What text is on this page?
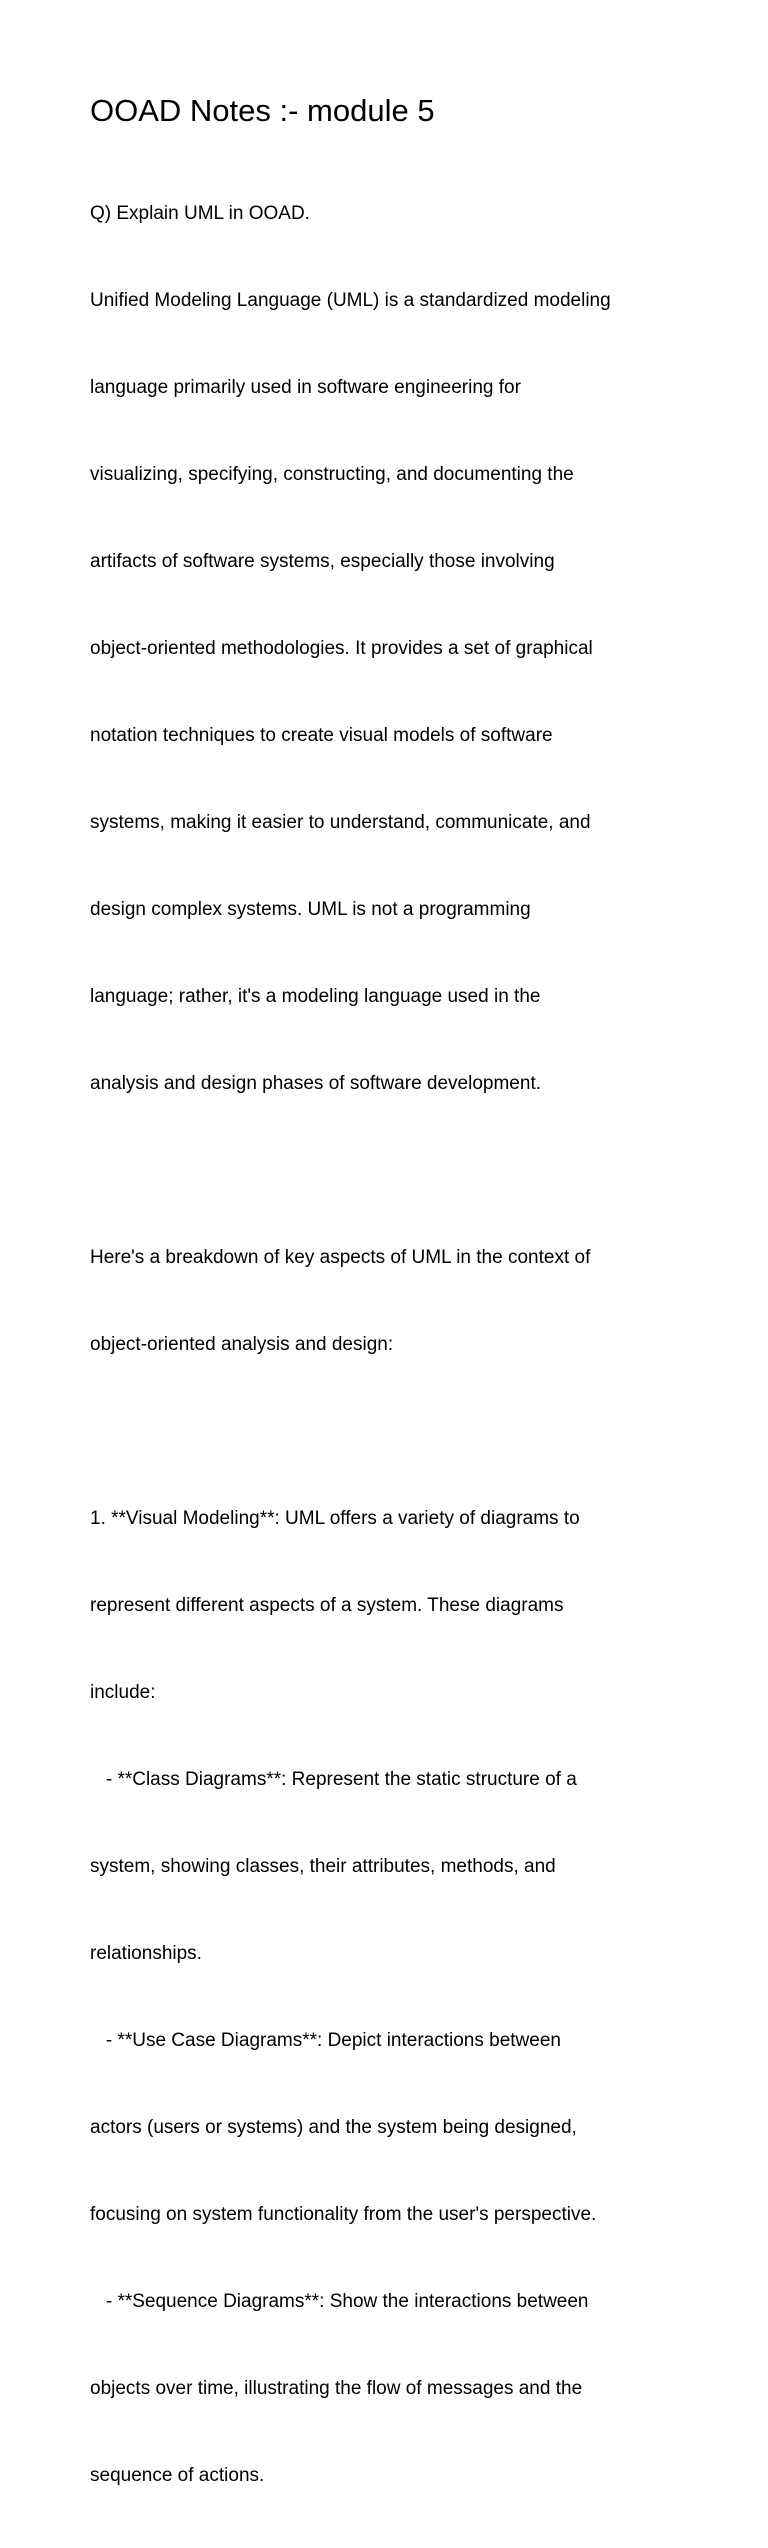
OOAD Notes :- module 5

Q) Explain UML in OOAD.

Unified Modeling Language (UML) is a standardized modeling

language primarily used in software engineering for

visualizing, specifying, constructing, and documenting the

artifacts of software systems, especially those involving

object-oriented methodologies. It provides a set of graphical

notation techniques to create visual models of software

systems, making it easier to understand, communicate, and

design complex systems. UML is not a programming

language; rather, it's a modeling language used in the

analysis and design phases of software development.

Here's a breakdown of key aspects of UML in the context of

object-oriented analysis and design:

1. **Visual Modeling**: UML offers a variety of diagrams to

represent different aspects of a system. These diagrams

include:

- **Class Diagrams**: Represent the static structure of a

system, showing classes, their attributes, methods, and

relationships.

- **Use Case Diagrams**: Depict interactions between

actors (users or systems) and the system being designed,

focusing on system functionality from the user's perspective.

- **Sequence Diagrams**: Show the interactions between

objects over time, illustrating the flow of messages and the

sequence of actions.
